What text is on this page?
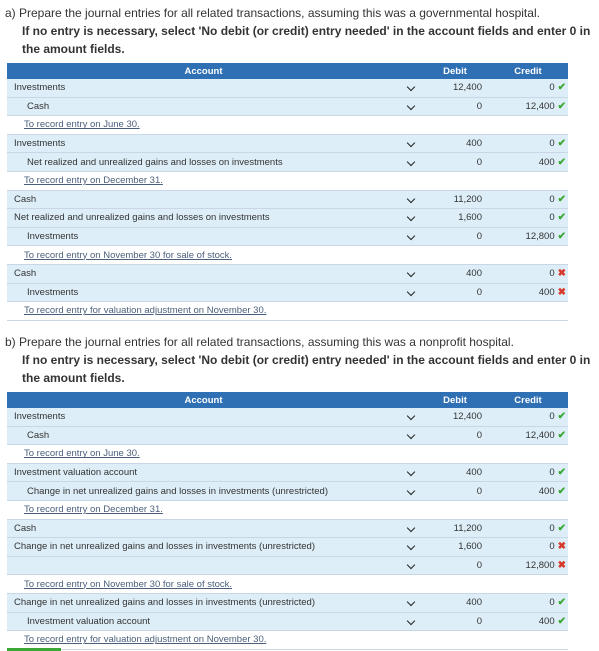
a) Prepare the journal entries for all related transactions, assuming this was a governmental hospital.
If no entry is necessary, select 'No debit (or credit) entry needed' in the account fields and enter 0 in the amount fields.
Account		Debit	Credit
Investments		12,400	0 ✔
Cash		0	12,400 ✔
To record entry on June 30.			
Investments		400	0 ✔
Net realized and unrealized gains and losses on investments		0	400 ✔
To record entry on December 31.			
Cash		11,200	0 ✔
Net realized and unrealized gains and losses on investments		1,600	0 ✔
Investments		0	12,800 ✔
To record entry on November 30 for sale of stock.			
Cash		400	0 ✖
Investments		0	400 ✖
To record entry for valuation adjustment on November 30.			
b) Prepare the journal entries for all related transactions, assuming this was a nonprofit hospital.
If no entry is necessary, select 'No debit (or credit) entry needed' in the account fields and enter 0 in the amount fields.
Account		Debit	Credit
Investments		12,400	0 ✔
Cash		0	12,400 ✔
To record entry on June 30.			
Investment valuation account		400	0 ✔
Change in net unrealized gains and losses in investments (unrestricted)		0	400 ✔
To record entry on December 31.			
Cash		11,200	0 ✔
Change in net unrealized gains and losses in investments (unrestricted)		1,600	0 ✖
		0	12,800 ✖
To record entry on November 30 for sale of stock.			
Change in net unrealized gains and losses in investments (unrestricted)		400	0 ✔
Investment valuation account		0	400 ✔
To record entry for valuation adjustment on November 30.			
